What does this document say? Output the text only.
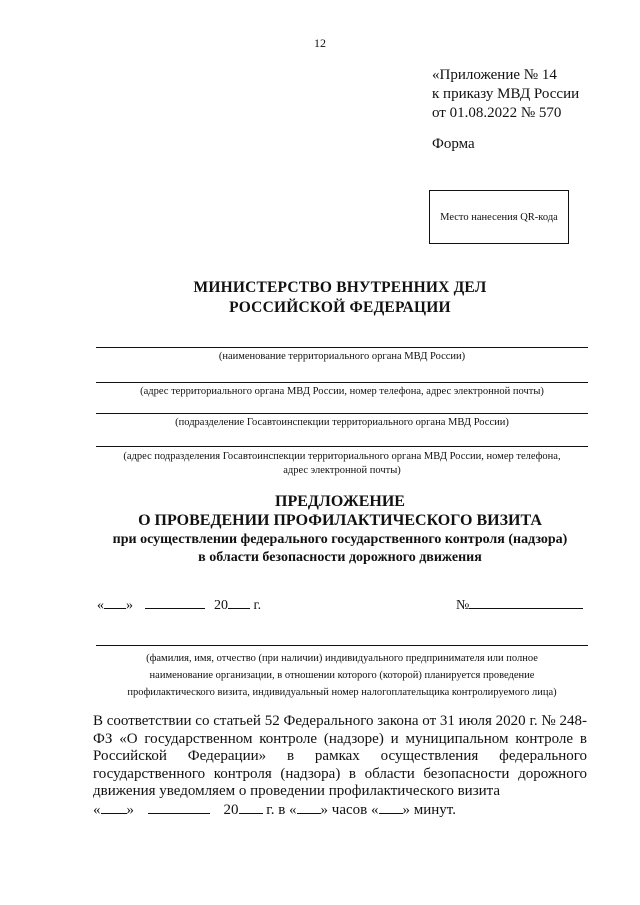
12
«Приложение № 14
к приказу МВД России
от 01.08.2022 № 570
Форма
Место нанесения QR-кода
МИНИСТЕРСТВО ВНУТРЕННИХ ДЕЛ
РОССИЙСКОЙ ФЕДЕРАЦИИ
(наименование территориального органа МВД России)
(адрес территориального органа МВД России, номер телефона, адрес электронной почты)
(подразделение Госавтоинспекции территориального органа МВД России)
(адрес подразделения Госавтоинспекции территориального органа МВД России, номер телефона,
адрес электронной почты)
ПРЕДЛОЖЕНИЕ
О ПРОВЕДЕНИИ ПРОФИЛАКТИЧЕСКОГО ВИЗИТА
при осуществлении федерального государственного контроля (надзора)
в области безопасности дорожного движения
« »	20 г.	№
(фамилия, имя, отчество (при наличии) индивидуального предпринимателя или полное
наименование организации, в отношении которого (которой) планируется проведение
профилактического визита, индивидуальный номер налогоплательщика контролируемого лица)
В соответствии со статьей 52 Федерального закона от 31 июля 2020 г. № 248-ФЗ «О государственном контроле (надзоре) и муниципальном контроле в Российской Федерации» в рамках осуществления федерального государственного контроля (надзора) в области безопасности дорожного движения уведомляем о проведении профилактического визита
« »	20 г. в « » часов « » минут.
